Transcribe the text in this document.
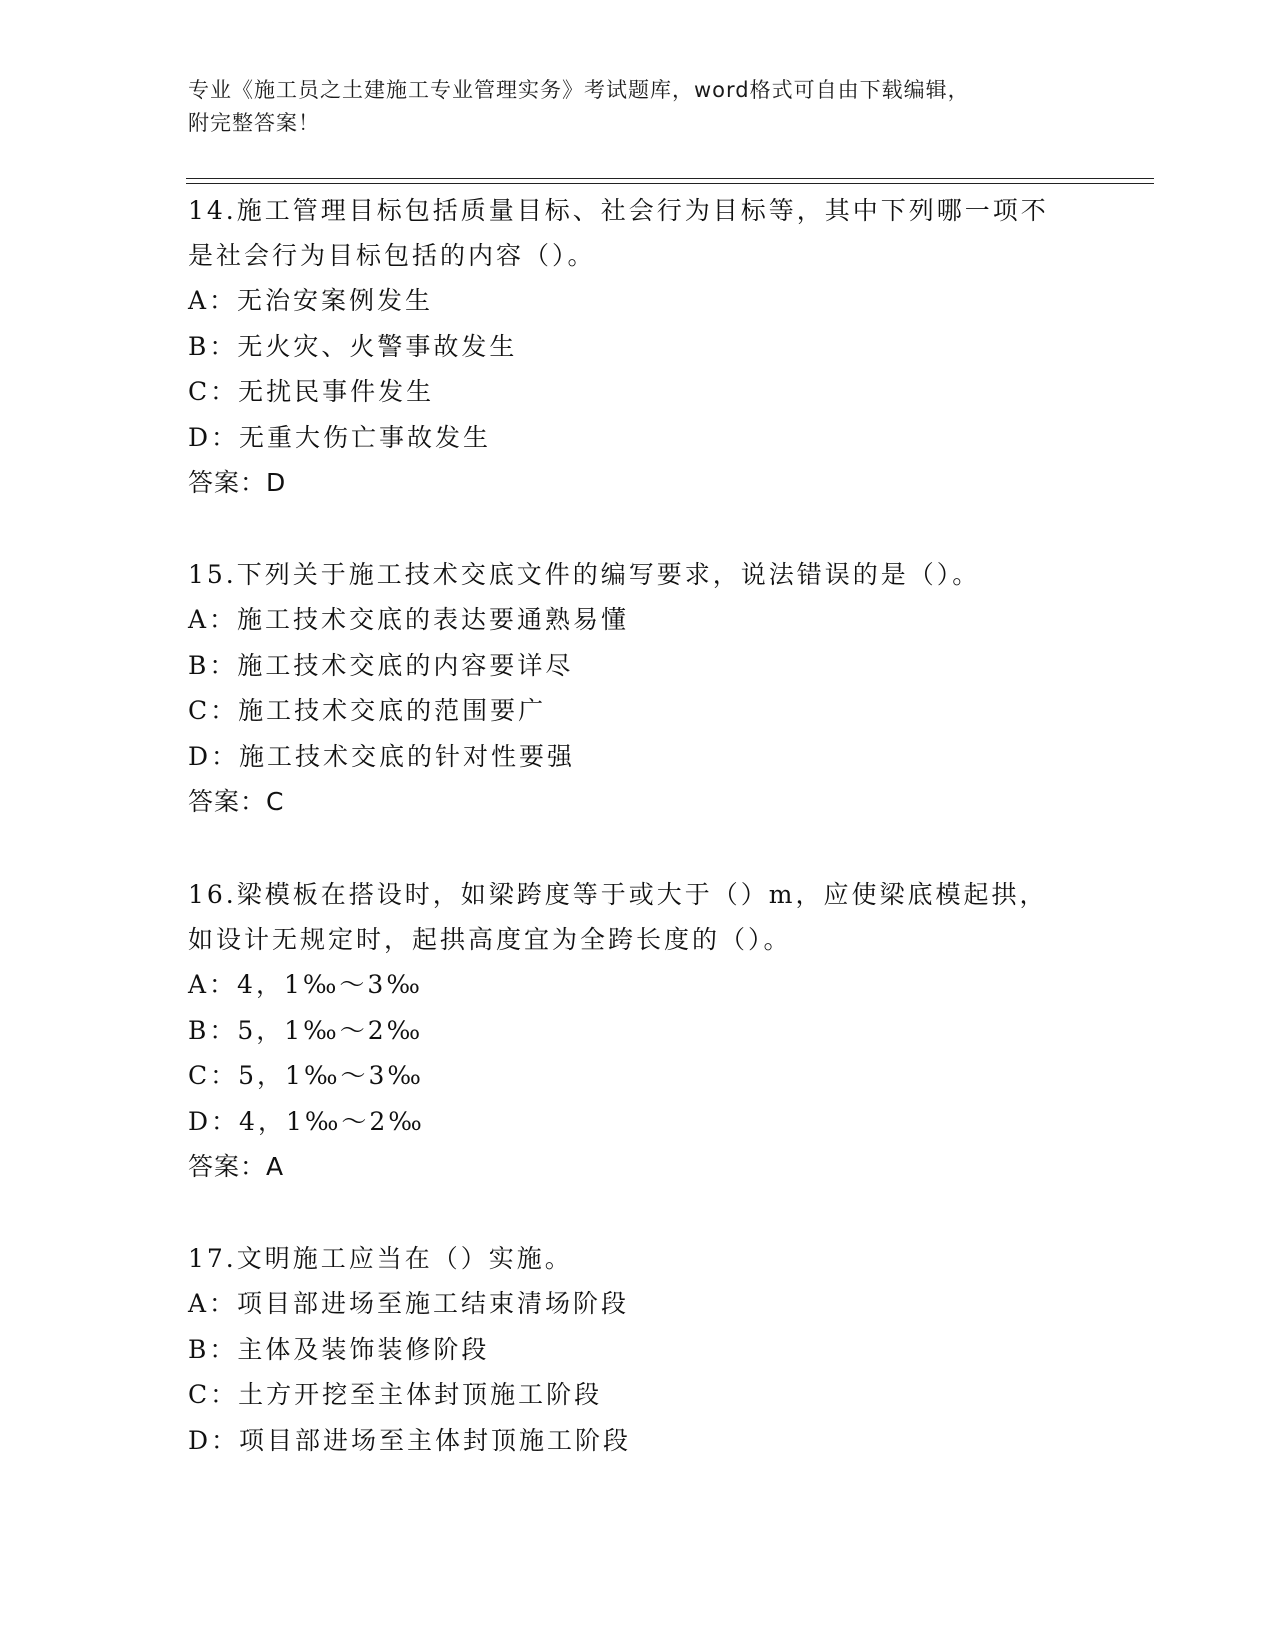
专业《施工员之土建施工专业管理实务》考试题库，word格式可自由下载编辑，
附完整答案！

14.施工管理目标包括质量目标、社会行为目标等，其中下列哪一项不

是社会行为目标包括的内容（）。

A：无治安案例发生

B：无火灾、火警事故发生

C：无扰民事件发生

D：无重大伤亡事故发生

答案：D

15.下列关于施工技术交底文件的编写要求，说法错误的是（）。

A：施工技术交底的表达要通熟易懂

B：施工技术交底的内容要详尽

C：施工技术交底的范围要广

D：施工技术交底的针对性要强

答案：C

16.梁模板在搭设时，如梁跨度等于或大于（）m，应使梁底模起拱，

如设计无规定时，起拱高度宜为全跨长度的（）。

A：4，1‰～3‰

B：5，1‰～2‰

C：5，1‰～3‰

D：4，1‰～2‰

答案：A

17.文明施工应当在（）实施。

A：项目部进场至施工结束清场阶段

B：主体及装饰装修阶段

C：土方开挖至主体封顶施工阶段

D：项目部进场至主体封顶施工阶段
